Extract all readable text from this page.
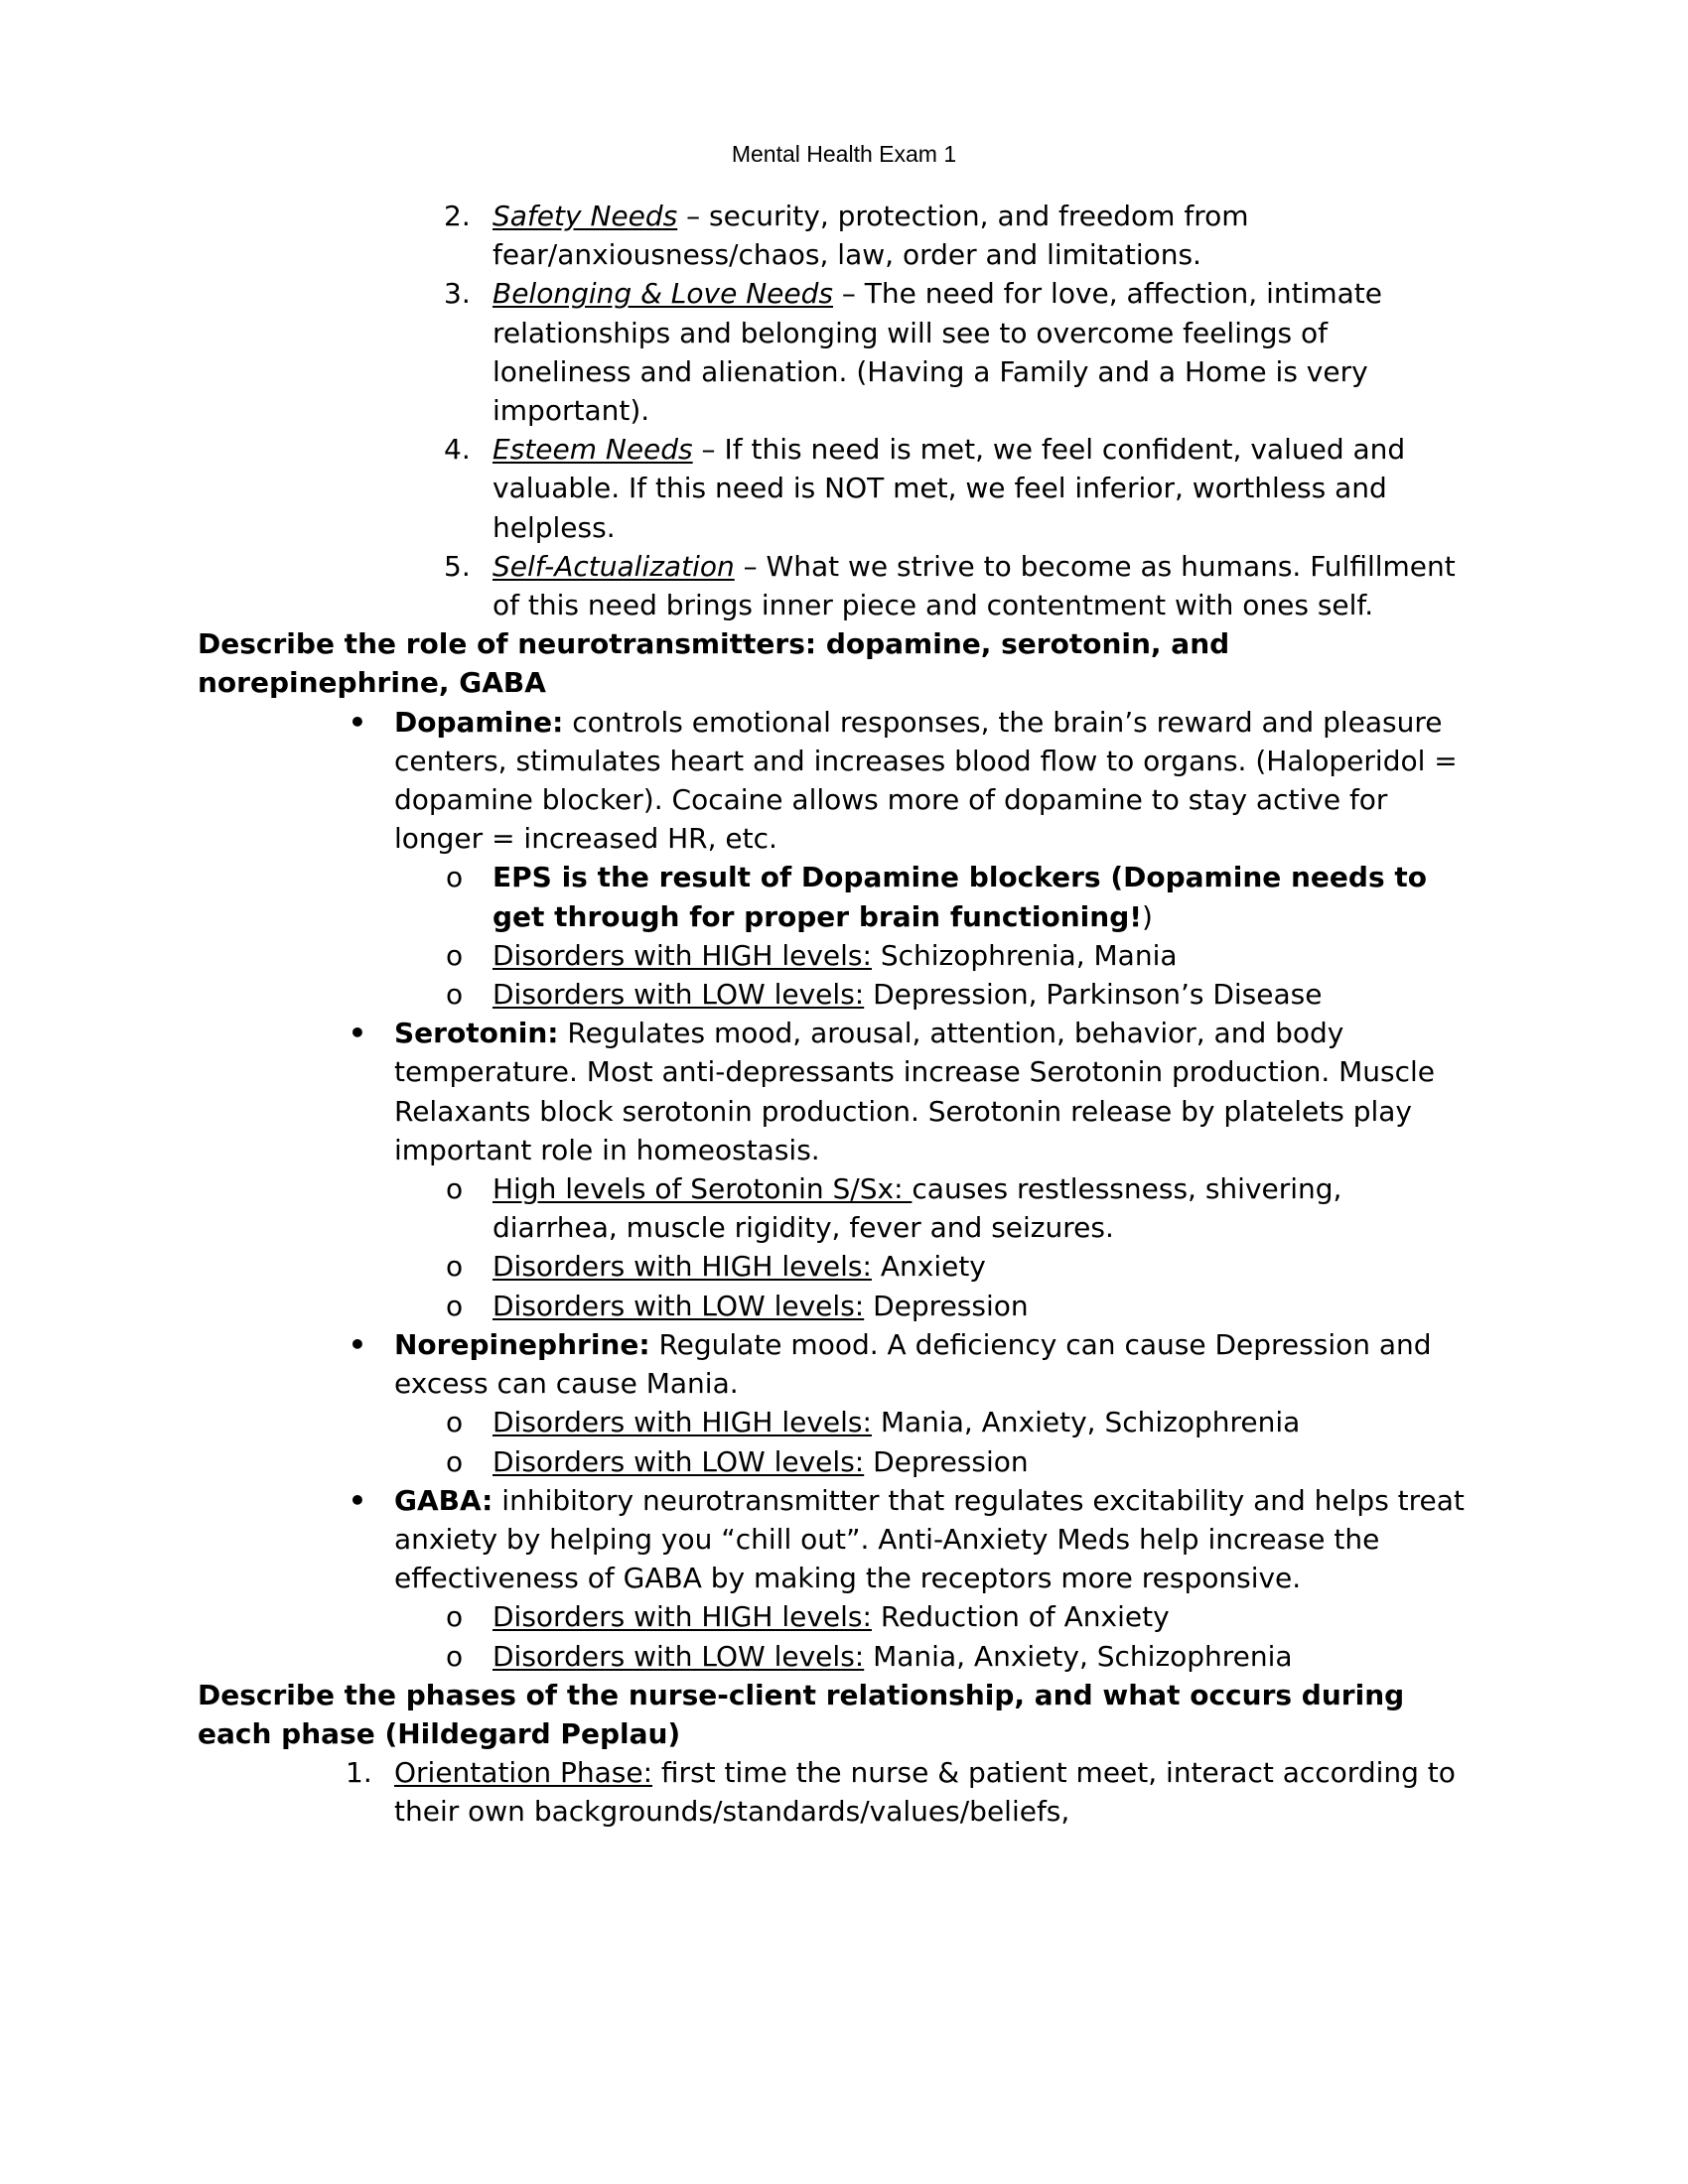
Mental Health Exam 1
2. Safety Needs – security, protection, and freedom from fear/anxiousness/chaos, law, order and limitations.
3. Belonging & Love Needs – The need for love, affection, intimate relationships and belonging will see to overcome feelings of loneliness and alienation. (Having a Family and a Home is very important).
4. Esteem Needs – If this need is met, we feel confident, valued and valuable. If this need is NOT met, we feel inferior, worthless and helpless.
5. Self-Actualization – What we strive to become as humans. Fulfillment of this need brings inner piece and contentment with ones self.

Describe the role of neurotransmitters: dopamine, serotonin, and norepinephrine, GABA

• Dopamine: controls emotional responses, the brain’s reward and pleasure centers, stimulates heart and increases blood flow to organs. (Haloperidol = dopamine blocker). Cocaine allows more of dopamine to stay active for longer = increased HR, etc.
o EPS is the result of Dopamine blockers (Dopamine needs to get through for proper brain functioning!)
o Disorders with HIGH levels: Schizophrenia, Mania
o Disorders with LOW levels: Depression, Parkinson’s Disease
• Serotonin: Regulates mood, arousal, attention, behavior, and body temperature. Most anti-depressants increase Serotonin production. Muscle Relaxants block serotonin production. Serotonin release by platelets play important role in homeostasis.
o High levels of Serotonin S/Sx: causes restlessness, shivering, diarrhea, muscle rigidity, fever and seizures.
o Disorders with HIGH levels: Anxiety
o Disorders with LOW levels: Depression
• Norepinephrine: Regulate mood. A deficiency can cause Depression and excess can cause Mania.
o Disorders with HIGH levels: Mania, Anxiety, Schizophrenia
o Disorders with LOW levels: Depression
• GABA: inhibitory neurotransmitter that regulates excitability and helps treat anxiety by helping you “chill out”. Anti-Anxiety Meds help increase the effectiveness of GABA by making the receptors more responsive.
o Disorders with HIGH levels: Reduction of Anxiety
o Disorders with LOW levels: Mania, Anxiety, Schizophrenia

Describe the phases of the nurse-client relationship, and what occurs during each phase (Hildegard Peplau)

1. Orientation Phase: first time the nurse & patient meet, interact according to their own backgrounds/standards/values/beliefs,
